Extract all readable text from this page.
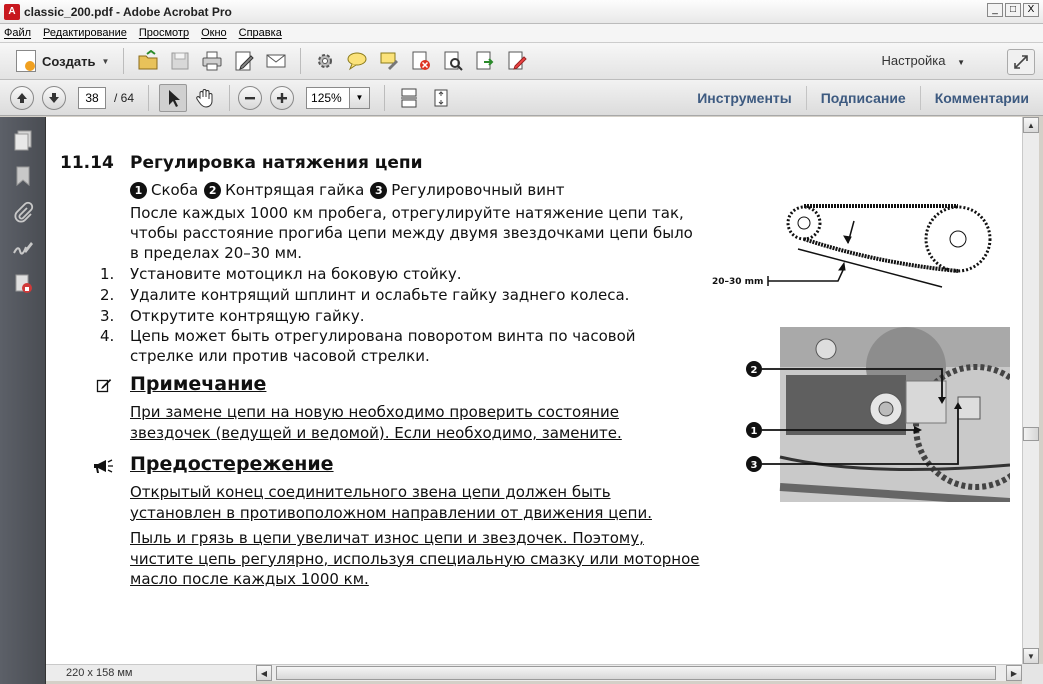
A classic_200.pdf - Adobe Acrobat Pro	_	□	X
Файл Редактирование Просмотр Окно Справка
Создать ▼	Настройка ▼
38
/ 64
125%	▼	Инструменты	Подписание	Комментарии
11.14 Регулировка натяжения цепи
1 Скоба 2 Контрящая гайка 3 Регулировочный винт
После каждых 1000 км пробега, отрегулируйте натяжение цепи так,
чтобы расстояние прогиба цепи между двумя звездочками цепи было
в пределах 20–30 мм.
1.	Установите мотоцикл на боковую стойку.
2.	Удалите контрящий шплинт и ослабьте гайку заднего колеса.
3.	Открутите контрящую гайку.
4.	Цепь может быть отрегулирована поворотом винта по часовой
стрелке или против часовой стрелки.
Примечание
При замене цепи на новую необходимо проверить состояние
звездочек (ведущей и ведомой). Если необходимо, замените.
Предостережение
Открытый конец соединительного звена цепи должен быть
установлен в противоположном направлении от движения цепи.
Пыль и грязь в цепи увеличат износ цепи и звездочек. Поэтому,
чистите цепь регулярно, используя специальную смазку или моторное
масло после каждых 1000 км.
20–30 mm
2
1
3
▲
▼
220 x 158 мм	◀	▶
